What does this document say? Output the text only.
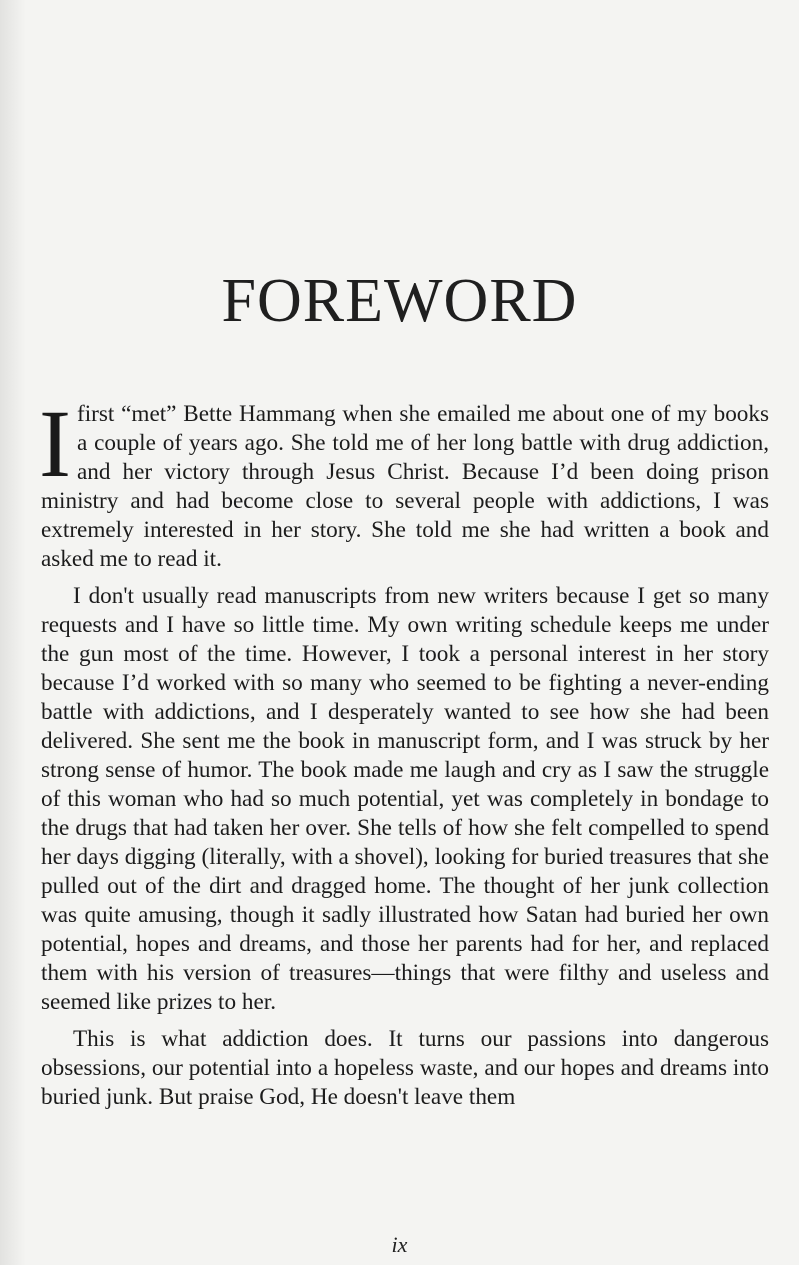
FOREWORD

Ifirst “met” Bette Hammang when she emailed me about one of my books a couple of years ago. She told me of her long battle with drug addiction, and her victory through Jesus Christ. Because I’d been doing prison ministry and had become close to several people with addictions, I was extremely interested in her story. She told me she had written a book and asked me to read it.

I don't usually read manuscripts from new writers because I get so many requests and I have so little time. My own writing schedule keeps me under the gun most of the time. However, I took a personal interest in her story because I’d worked with so many who seemed to be fighting a never-ending battle with addictions, and I desperately wanted to see how she had been delivered. She sent me the book in manuscript form, and I was struck by her strong sense of humor. The book made me laugh and cry as I saw the struggle of this woman who had so much potential, yet was completely in bondage to the drugs that had taken her over. She tells of how she felt compelled to spend her days digging (literally, with a shovel), looking for buried treasures that she pulled out of the dirt and dragged home. The thought of her junk collection was quite amusing, though it sadly illustrated how Satan had buried her own potential, hopes and dreams, and those her parents had for her, and replaced them with his version of treasures—things that were filthy and useless and seemed like prizes to her.

This is what addiction does. It turns our passions into dangerous obsessions, our potential into a hopeless waste, and our hopes and dreams into buried junk. But praise God, He doesn't leave them

ix
